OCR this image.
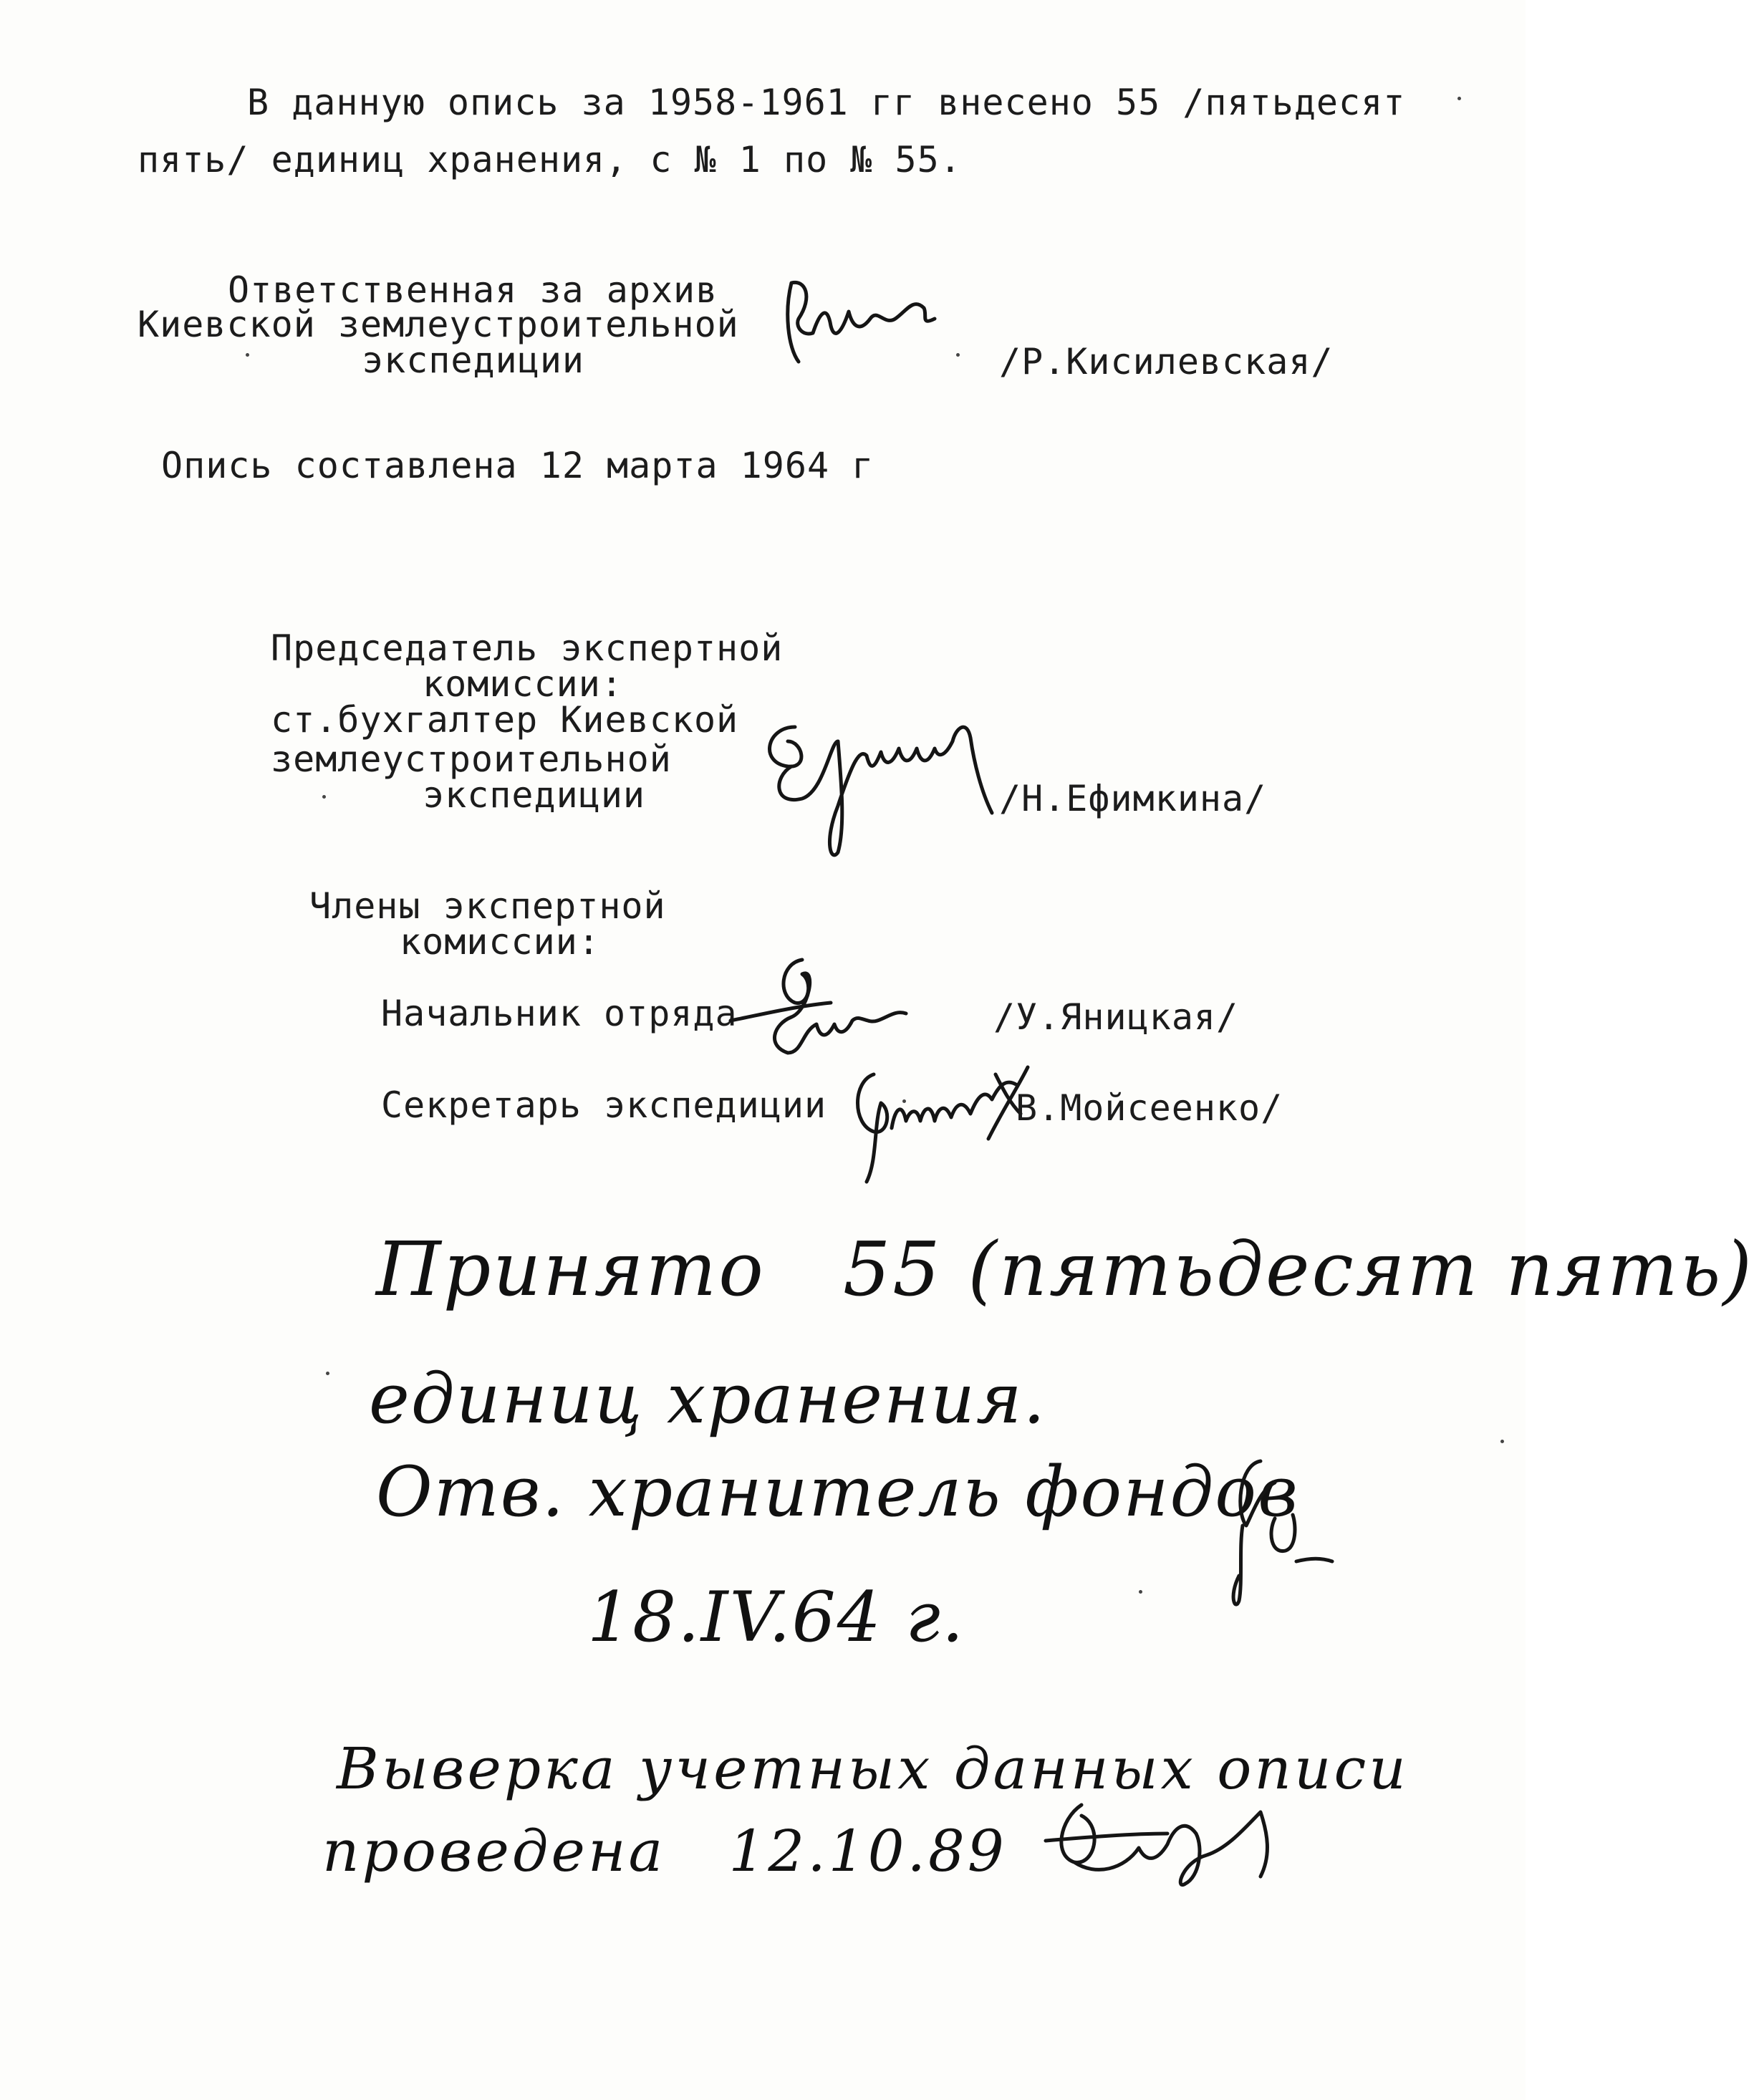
В данную опись за 1958-1961 гг внесено 55 /пятьдесят
пять/ единиц хранения, с № 1 по № 55.
Ответственная за архив
Киевской землеустроительной
экспедиции	/Р.Кисилевская/
Опись составлена 12 марта 1964 г
Председатель экспертной
комиссии:
ст.бухгалтер Киевской
землеустроительной
экспедиции	/Н.Ефимкина/
Члены экспертной
комиссии:
Начальник отряда	/У.Яницкая/
Секретарь экспедиции	В.Мойсеенко/
Принято   55 (пятьдесят пять)
единиц хранения.
Отв. хранитель фондов
18.IV.64 г.
Выверка учетных данных описи
проведена   12.10.89
